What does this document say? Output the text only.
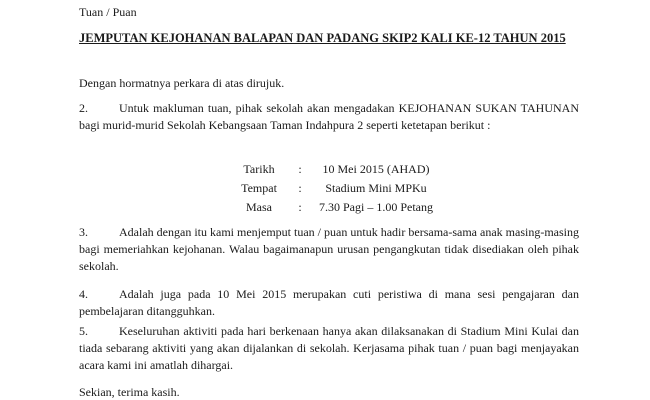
Tuan / Puan
JEMPUTAN KEJOHANAN BALAPAN DAN PADANG SKIP2 KALI KE-12 TAHUN 2015
Dengan hormatnya perkara di atas dirujuk.
2.	Untuk makluman tuan, pihak sekolah akan mengadakan KEJOHANAN SUKAN TAHUNAN bagi murid-murid Sekolah Kebangsaan Taman Indahpura 2 seperti ketetapan berikut :
Tarikh	:	10 Mei 2015 (AHAD)
Tempat	:	Stadium Mini MPKu
Masa	:	7.30 Pagi – 1.00 Petang
3.	Adalah dengan itu kami menjemput tuan / puan untuk hadir bersama-sama anak masing-masing bagi memeriahkan kejohanan. Walau bagaimanapun urusan pengangkutan tidak disediakan oleh pihak sekolah.
4.	Adalah juga pada 10 Mei 2015 merupakan cuti peristiwa di mana sesi pengajaran dan pembelajaran ditangguhkan.
5.	Keseluruhan aktiviti pada hari berkenaan hanya akan dilaksanakan di Stadium Mini Kulai dan tiada sebarang aktiviti yang akan dijalankan di sekolah. Kerjasama pihak tuan / puan bagi menjayakan acara kami ini amatlah dihargai.
Sekian, terima kasih.
